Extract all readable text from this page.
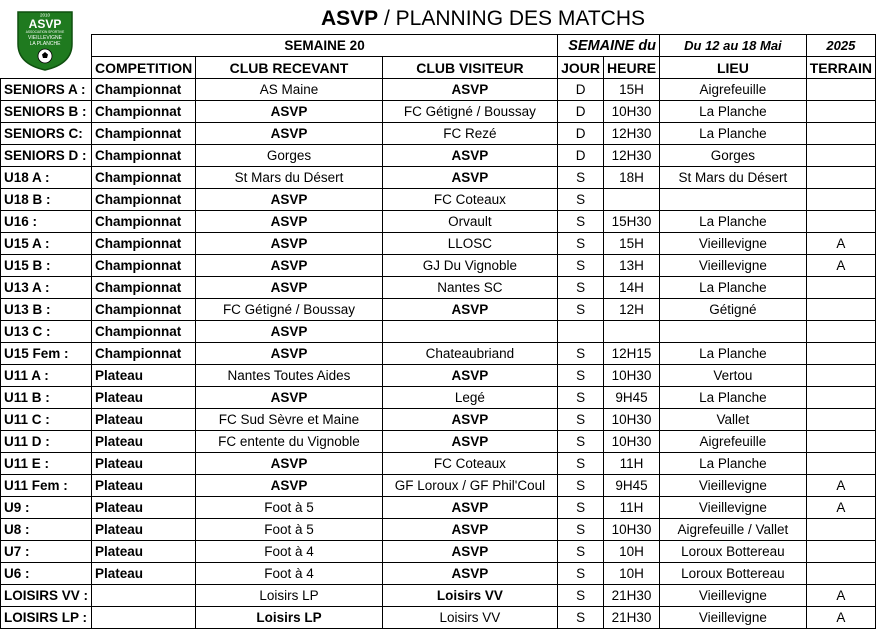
ASVP / PLANNING DES MATCHS
2010
ASVP
ASSOCIATION SPORTIVE
VIEILLEVIGNE
LA PLANCHE
		SEMAINE 20			SEMAINE du		Du 12 au 18 Mai	2025
	COMPETITION	CLUB RECEVANT	CLUB VISITEUR	JOUR	HEURE	LIEU	TERRAIN
SENIORS A :	Championnat	AS Maine	ASVP	D	15H	Aigrefeuille	
SENIORS B :	Championnat	ASVP	FC Gétigné / Boussay	D	10H30	La Planche	
SENIORS C:	Championnat	ASVP	FC Rezé	D	12H30	La Planche	
SENIORS D :	Championnat	Gorges	ASVP	D	12H30	Gorges	
U18 A :	Championnat	St Mars du Désert	ASVP	S	18H	St Mars du Désert	
U18 B :	Championnat	ASVP	FC Coteaux	S			
U16 :	Championnat	ASVP	Orvault	S	15H30	La Planche	
U15 A :	Championnat	ASVP	LLOSC	S	15H	Vieillevigne	A
U15 B :	Championnat	ASVP	GJ Du Vignoble	S	13H	Vieillevigne	A
U13 A :	Championnat	ASVP	Nantes SC	S	14H	La Planche	
U13 B :	Championnat	FC Gétigné / Boussay	ASVP	S	12H	Gétigné	
U13 C :	Championnat	ASVP					
U15 Fem :	Championnat	ASVP	Chateaubriand	S	12H15	La Planche	
U11 A :	Plateau	Nantes Toutes Aides	ASVP	S	10H30	Vertou	
U11 B :	Plateau	ASVP	Legé	S	9H45	La Planche	
U11 C :	Plateau	FC Sud Sèvre et Maine	ASVP	S	10H30	Vallet	
U11 D :	Plateau	FC entente du Vignoble	ASVP	S	10H30	Aigrefeuille	
U11 E :	Plateau	ASVP	FC Coteaux	S	11H	La Planche	
U11 Fem :	Plateau	ASVP	GF Loroux / GF Phil'Coul	S	9H45	Vieillevigne	A
U9 :	Plateau	Foot à 5	ASVP	S	11H	Vieillevigne	A
U8 :	Plateau	Foot à 5	ASVP	S	10H30	Aigrefeuille / Vallet	
U7 :	Plateau	Foot à 4	ASVP	S	10H	Loroux Bottereau	
U6 :	Plateau	Foot à 4	ASVP	S	10H	Loroux Bottereau	
LOISIRS VV :		Loisirs LP	Loisirs VV	S	21H30	Vieillevigne	A
LOISIRS LP :		Loisirs LP	Loisirs VV	S	21H30	Vieillevigne	A
